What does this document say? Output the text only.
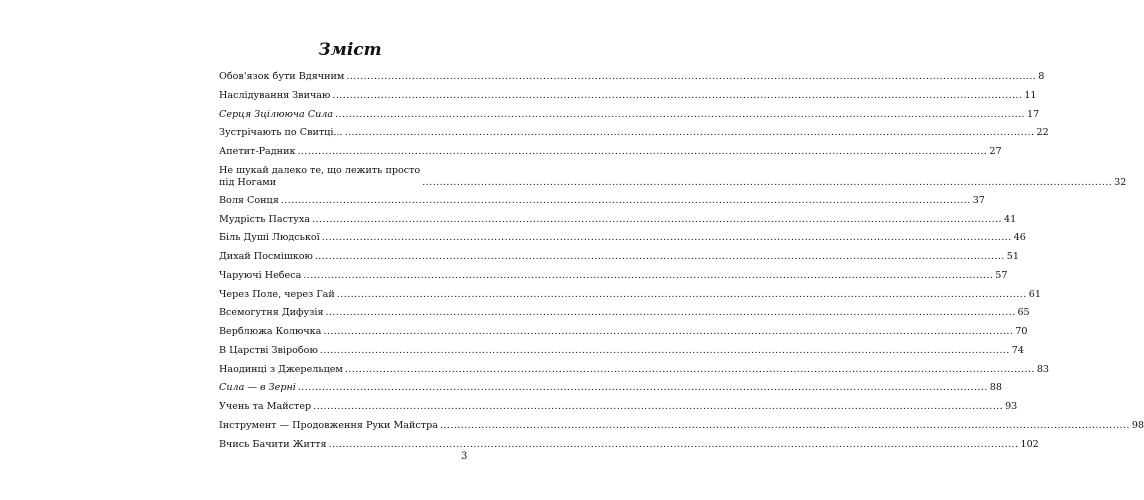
Зміст
Обов'язок бути Вдячним ........................................................................................................................................................................................................ 8
Наслідування Звичаю ........................................................................................................................................................................................................ 11
Серця Зцілююча Сила ........................................................................................................................................................................................................ 17
Зустрічають по Свитці... ........................................................................................................................................................................................................ 22
Апетит-Радник ........................................................................................................................................................................................................ 27
Не шукай далеко те, що лежить просто
під Ногами	........................................................................................................................................................................................................ 32
Воля Сонця ........................................................................................................................................................................................................ 37
Мудрість Пастуха ........................................................................................................................................................................................................ 41
Біль Душі Людської ........................................................................................................................................................................................................ 46
Дихай Посмішкою ........................................................................................................................................................................................................ 51
Чаруючі Небеса ........................................................................................................................................................................................................ 57
Через Поле, через Гай ........................................................................................................................................................................................................ 61
Всемогутня Дифузія ........................................................................................................................................................................................................ 65
Верблюжа Колючка ........................................................................................................................................................................................................ 70
В Царстві Звіробою ........................................................................................................................................................................................................ 74
Наодинці з Джерельцем ........................................................................................................................................................................................................ 83
Сила — в Зерні ........................................................................................................................................................................................................ 88
Учень та Майстер ........................................................................................................................................................................................................ 93
Інструмент — Продовження Руки Майстра ........................................................................................................................................................................................................ 98
Вчись Бачити Життя ........................................................................................................................................................................................................ 102
3
